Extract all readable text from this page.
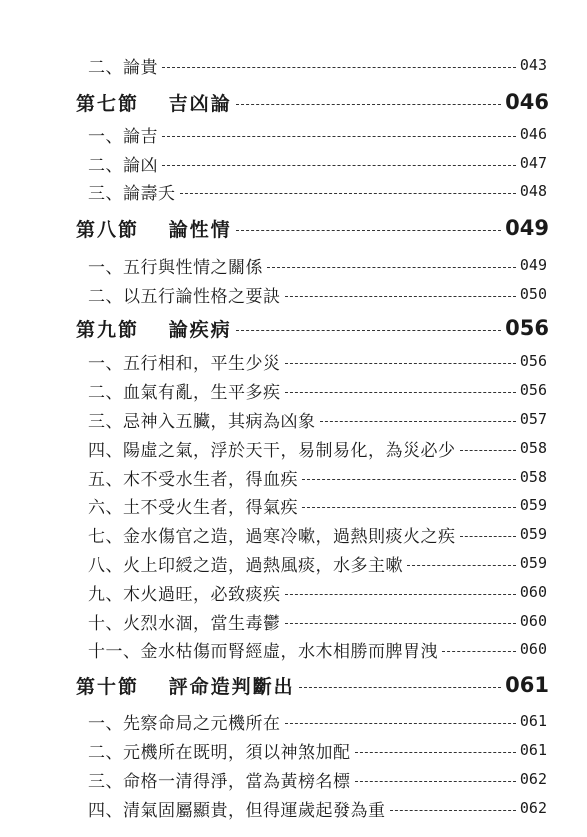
二、論貴	043
第七節　 吉凶論	046
一、論吉	046
二、論凶	047
三、論壽夭	048
第八節　 論性情	049
一、五行與性情之關係	049
二、以五行論性格之要訣	050
第九節　 論疾病	056
一、五行相和，平生少災	056
二、血氣有亂，生平多疾	056
三、忌神入五臟，其病為凶象	057
四、陽虛之氣，浮於天干，易制易化，為災必少	058
五、木不受水生者，得血疾	058
六、土不受火生者，得氣疾	059
七、金水傷官之造，過寒冷嗽，過熱則痰火之疾	059
八、火上印綬之造，過熱風痰，水多主嗽	059
九、木火過旺，必致痰疾	060
十、火烈水涸，當生毒鬱	060
十一、金水枯傷而腎經虛，水木相勝而脾胃洩	060
第十節　 評命造判斷出	061
一、先察命局之元機所在	061
二、元機所在既明，須以神煞加配	061
三、命格一清得淨，當為黃榜名標	062
四、清氣固屬顯貴，但得運歲起發為重	062
